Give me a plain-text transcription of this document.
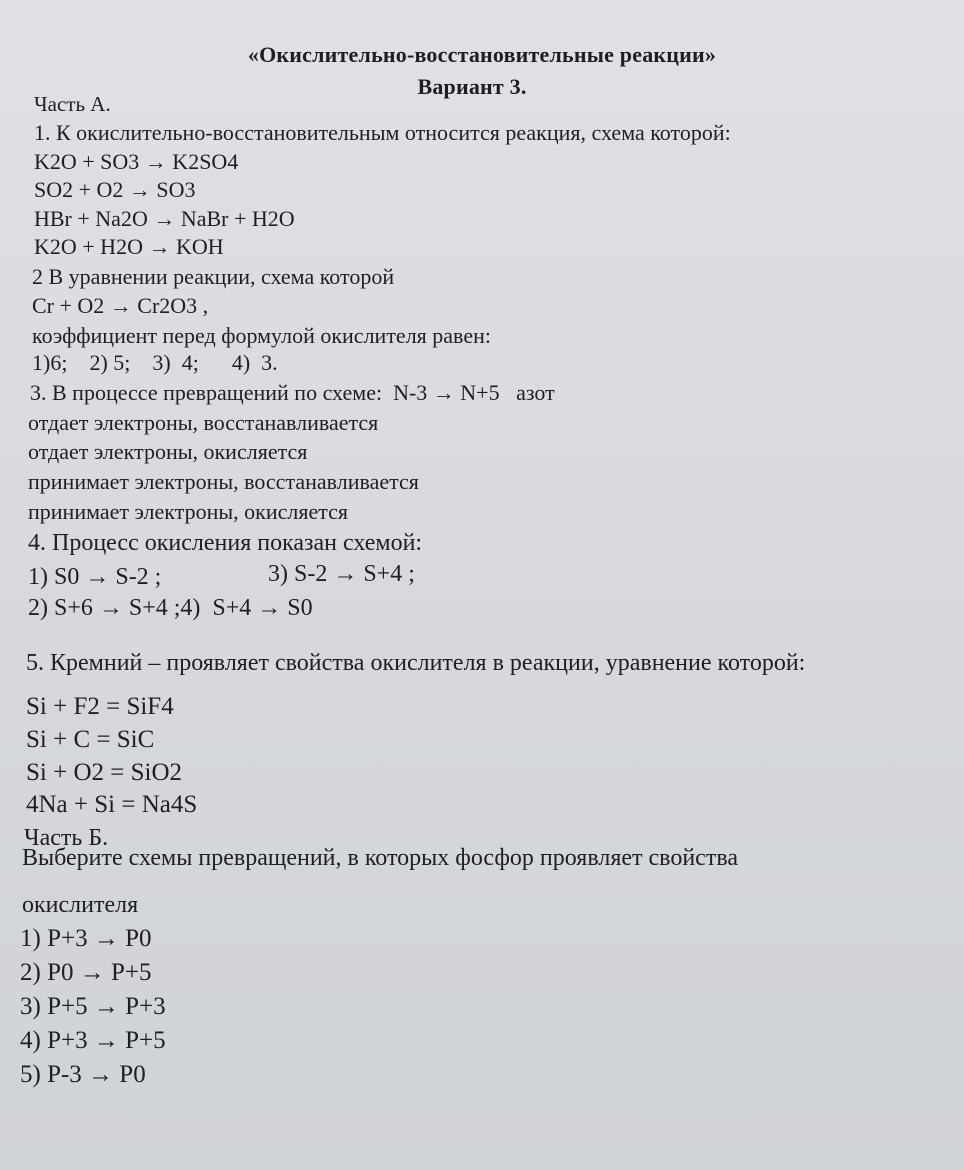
«Окислительно-восстановительные реакции»
Вариант 3.
Часть А.
1. К окислительно-восстановительным относится реакция, схема которой:
K2O + SO3 → K2SO4
SO2 + O2 → SO3
HBr + Na2O → NaBr + H2O
K2O + H2O → KOH
2 В уравнении реакции, схема которой
Cr + O2 → Cr2O3 ,
коэффициент перед формулой окислителя равен:
1)6;    2) 5;    3)  4;      4)  3.
3. В процессе превращений по схеме:  N-3 → N+5   азот
отдает электроны, восстанавливается
отдает электроны, окисляется
принимает электроны, восстанавливается
принимает электроны, окисляется
4. Процесс окисления показан схемой:
1) S0 → S-2 ;	3) S-2 → S+4 ;
2) S+6 → S+4 ;4)  S+4 → S0
5. Кремний – проявляет свойства окислителя в реакции, уравнение которой:
Si + F2 = SiF4
Si + C = SiC
Si + O2 = SiO2
4Na + Si = Na4S
Часть Б.
Выберите схемы превращений, в которых фосфор проявляет свойства
окислителя
1) P+3 → P0
2) P0 → P+5
3) P+5 → P+3
4) P+3 → P+5
5) P-3 → P0
